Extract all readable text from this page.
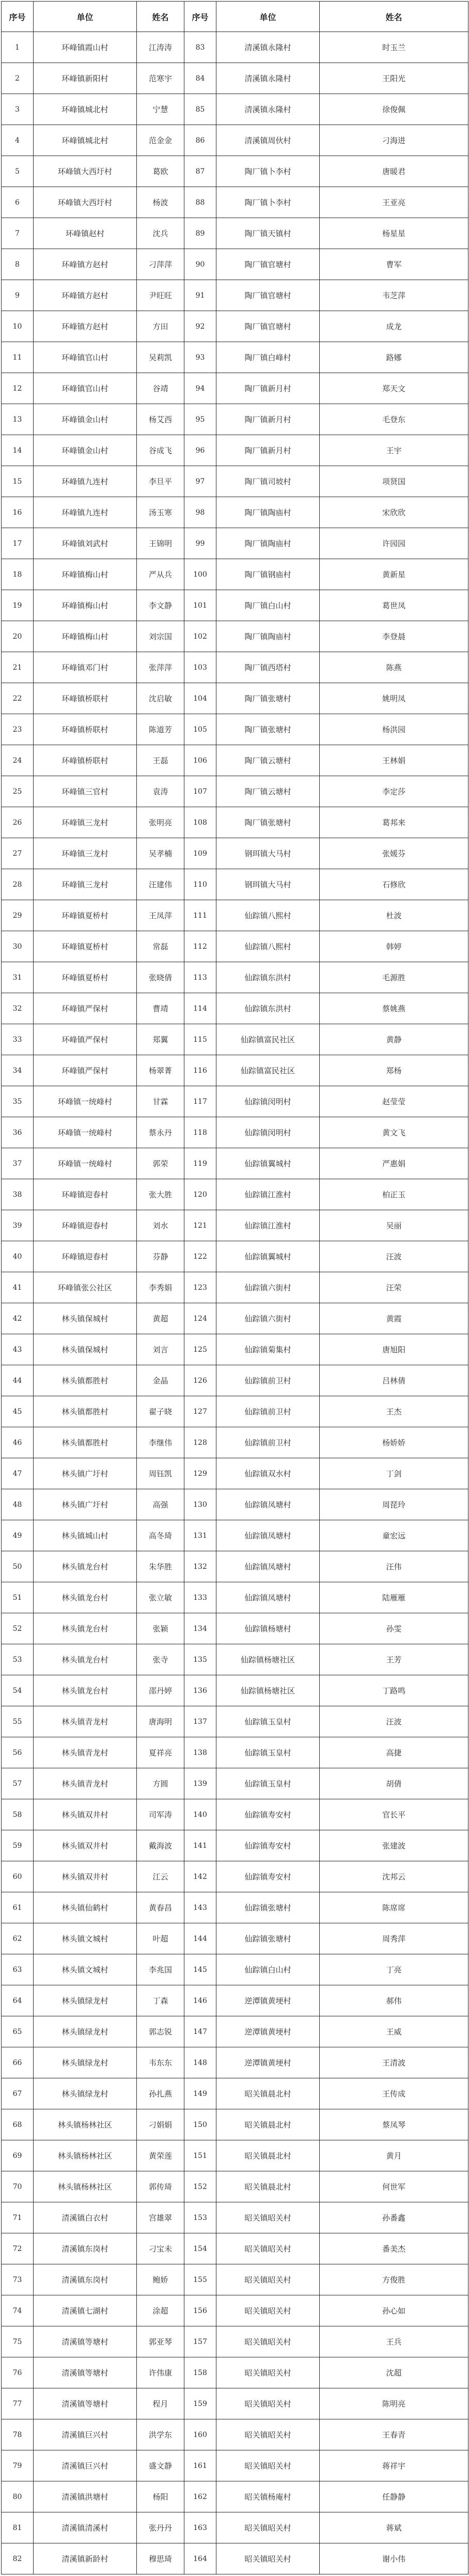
序号	单位	姓名	序号	单位	姓名
1	环峰镇霞山村	江涛涛	83	清溪镇永隆村	时玉兰
2	环峰镇新阳村	范寒宇	84	清溪镇永隆村	王阳光
3	环峰镇城北村	宁慧	85	清溪镇永隆村	徐俊佩
4	环峰镇城北村	范金金	86	清溪镇周伙村	刁海进
5	环峰镇大西圩村	葛欧	87	陶厂镇卜李村	唐暖君
6	环峰镇大西圩村	杨波	88	陶厂镇卜李村	王亚亮
7	环峰镇赵村	沈兵	89	陶厂镇天镇村	杨星星
8	环峰镇方赵村	刁萍萍	90	陶厂镇官塘村	曹军
9	环峰镇方赵村	尹旺旺	91	陶厂镇官塘村	韦芝萍
10	环峰镇方赵村	方田	92	陶厂镇官塘村	成龙
11	环峰镇官山村	吴莉凯	93	陶厂镇白峰村	路娜
12	环峰镇官山村	谷靖	94	陶厂镇新月村	郑天文
13	环峰镇金山村	杨艾西	95	陶厂镇新月村	毛登东
14	环峰镇金山村	谷成飞	96	陶厂镇新月村	王宇
15	环峰镇九连村	李旦平	97	陶厂镇司坡村	项贤国
16	环峰镇九连村	汤玉寒	98	陶厂镇陶庙村	宋欣欣
17	环峰镇刘武村	王锦明	99	陶厂镇陶庙村	许园园
18	环峰镇梅山村	严从兵	100	陶厂镇钢庙村	黄新星
19	环峰镇梅山村	李文静	101	陶厂镇白山村	葛世凤
20	环峰镇梅山村	刘宗国	102	陶厂镇陶庙村	李登晨
21	环峰镇邓门村	张萍萍	103	陶厂镇西塔村	陈燕
22	环峰镇桥联村	沈启敏	104	陶厂镇张塘村	姚明凤
23	环峰镇桥联村	陈道芳	105	陶厂镇张塘村	杨洪园
24	环峰镇桥联村	王磊	106	陶厂镇云塘村	王林娟
25	环峰镇三官村	袁涛	107	陶厂镇云塘村	李定莎
26	环峰镇三龙村	张明亮	108	陶厂镇张塘村	葛邦来
27	环峰镇三龙村	吴孝楠	109	钢珥镇大马村	张媛芬
28	环峰镇三龙村	汪建伟	110	钢珥镇大马村	石修欣
29	环峰镇夏桥村	王凤萍	111	仙踪镇八熙村	杜波
30	环峰镇夏桥村	常磊	112	仙踪镇八熙村	韩婷
31	环峰镇夏桥村	张晓倩	113	仙踪镇东洪村	毛源胜
32	环峰镇严保村	曹靖	114	仙踪镇东洪村	蔡姚燕
33	环峰镇严保村	郑翼	115	仙踪镇富民社区	黄静
34	环峰镇严保村	杨翠菁	116	仙踪镇富民社区	郑杨
35	环峰镇一统峰村	甘霖	117	仙踪镇闵明村	赵莹莹
36	环峰镇一统峰村	蔡永丹	118	仙踪镇闵明村	黄文飞
37	环峰镇一统峰村	郭荣	119	仙踪镇翼城村	严惠娟
38	环峰镇迎春村	张大胜	120	仙踪镇江淮村	柏正玉
39	环峰镇迎春村	刘水	121	仙踪镇江淮村	吴丽
40	环峰镇迎春村	芬静	122	仙踪镇翼城村	汪波
41	环峰镇张公社区	李秀娟	123	仙踪镇六街村	汪荣
42	林头镇保城村	黄超	124	仙踪镇六街村	黄霞
43	林头镇保城村	刘言	125	仙踪镇菊集村	唐旭阳
44	林头镇都胜村	金晶	126	仙踪镇前卫村	吕林倩
45	林头镇都胜村	翟子晓	127	仙踪镇前卫村	王杰
46	林头镇都胜村	李继伟	128	仙踪镇前卫村	杨娇娇
47	林头镇广圩村	周钰凯	129	仙踪镇双水村	丁剑
48	林头镇广圩村	高强	130	仙踪镇凤塘村	周琵玲
49	林头镇城山村	高冬琦	131	仙踪镇凤塘村	童宏远
50	林头镇龙台村	朱华胜	132	仙踪镇凤塘村	汪伟
51	林头镇龙台村	张立敏	133	仙踪镇凤塘村	陆雁雁
52	林头镇龙台村	张颖	134	仙踪镇杨塘村	孙雯
53	林头镇龙台村	张寺	135	仙踪镇杨塘社区	王芳
54	林头镇龙台村	邵丹婷	136	仙踪镇杨塘社区	丁路鸣
55	林头镇青龙村	唐海明	137	仙踪镇玉皇村	汪波
56	林头镇青龙村	夏祥亮	138	仙踪镇玉皇村	高捷
57	林头镇青龙村	方圆	139	仙踪镇玉皇村	胡倩
58	林头镇双井村	司军涛	140	仙踪镇寿安村	官长平
59	林头镇双井村	戴海波	141	仙踪镇寿安村	张建波
60	林头镇双井村	江云	142	仙踪镇寿安村	沈邦云
61	林头镇仙鹤村	黄春昌	143	仙踪镇张塘村	陈席席
62	林头镇文城村	叶超	144	仙踪镇张塘村	周秀萍
63	林头镇文城村	李兆国	145	仙踪镇白山村	丁亮
64	林头镇绿龙村	丁森	146	逆潭镇黄埂村	郝伟
65	林头镇绿龙村	郭志锐	147	逆潭镇黄埂村	王威
66	林头镇绿龙村	韦东东	148	逆潭镇黄埂村	王清波
67	林头镇绿龙村	孙扎燕	149	昭关镇晨北村	王传成
68	林头镇杨林社区	刁娟娟	150	昭关镇晨北村	蔡凤琴
69	林头镇杨林社区	黄荣莲	151	昭关镇晨北村	黄月
70	林头镇杨林社区	郭传琦	152	昭关镇晨北村	何世军
71	清溪镇白衣村	宫雄翠	153	昭关镇昭关村	孙番鑫
72	清溪镇东岗村	刁宝未	154	昭关镇昭关村	番美杰
73	清溪镇东岗村	鲍娇	155	昭关镇昭关村	方俊胜
74	清溪镇七湖村	涂超	156	昭关镇昭关村	孙心如
75	清溪镇等塘村	郭亚琴	157	昭关镇昭关村	王兵
76	清溪镇等塘村	许伟康	158	昭关镇昭关村	沈超
77	清溪镇等塘村	程月	159	昭关镇昭关村	陈明亮
78	清溪镇巨兴村	洪学东	160	昭关镇昭关村	王春青
79	清溪镇巨兴村	盛文静	161	昭关镇昭关村	蒋祥宇
80	清溪镇洪塘村	杨阳	162	昭关镇杨庵村	任静静
81	清溪镇清溪村	张丹丹	163	昭关镇昭关村	蒋斌
82	清溪镇新龄村	穆思琦	164	昭关镇昭关村	谢小伟
